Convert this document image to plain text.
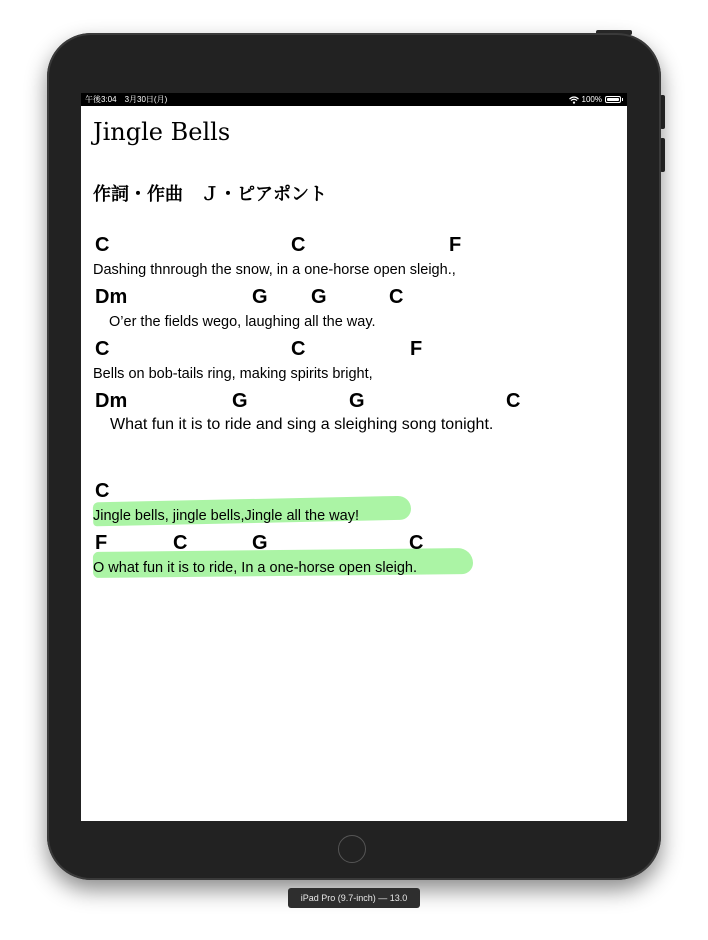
午後3:04　3月30日(月)	100%
Jingle Bells
作詞・作曲　Ｊ・ピアポント
C	C	F
Dashing thnrough the snow, in a one-horse open sleigh.,
Dm	G G	C
O’er the fields wego, laughing all the way.
C	C	F
Bells on bob-tails ring, making spirits bright,
Dm	G	G	C
What fun it is to ride and sing a sleighing song tonight.
C
Jingle bells, jingle bells,Jingle all the way!
F	C	G	C
O what fun it is to ride, In a one-horse open sleigh.
iPad Pro (9.7-inch) — 13.0
